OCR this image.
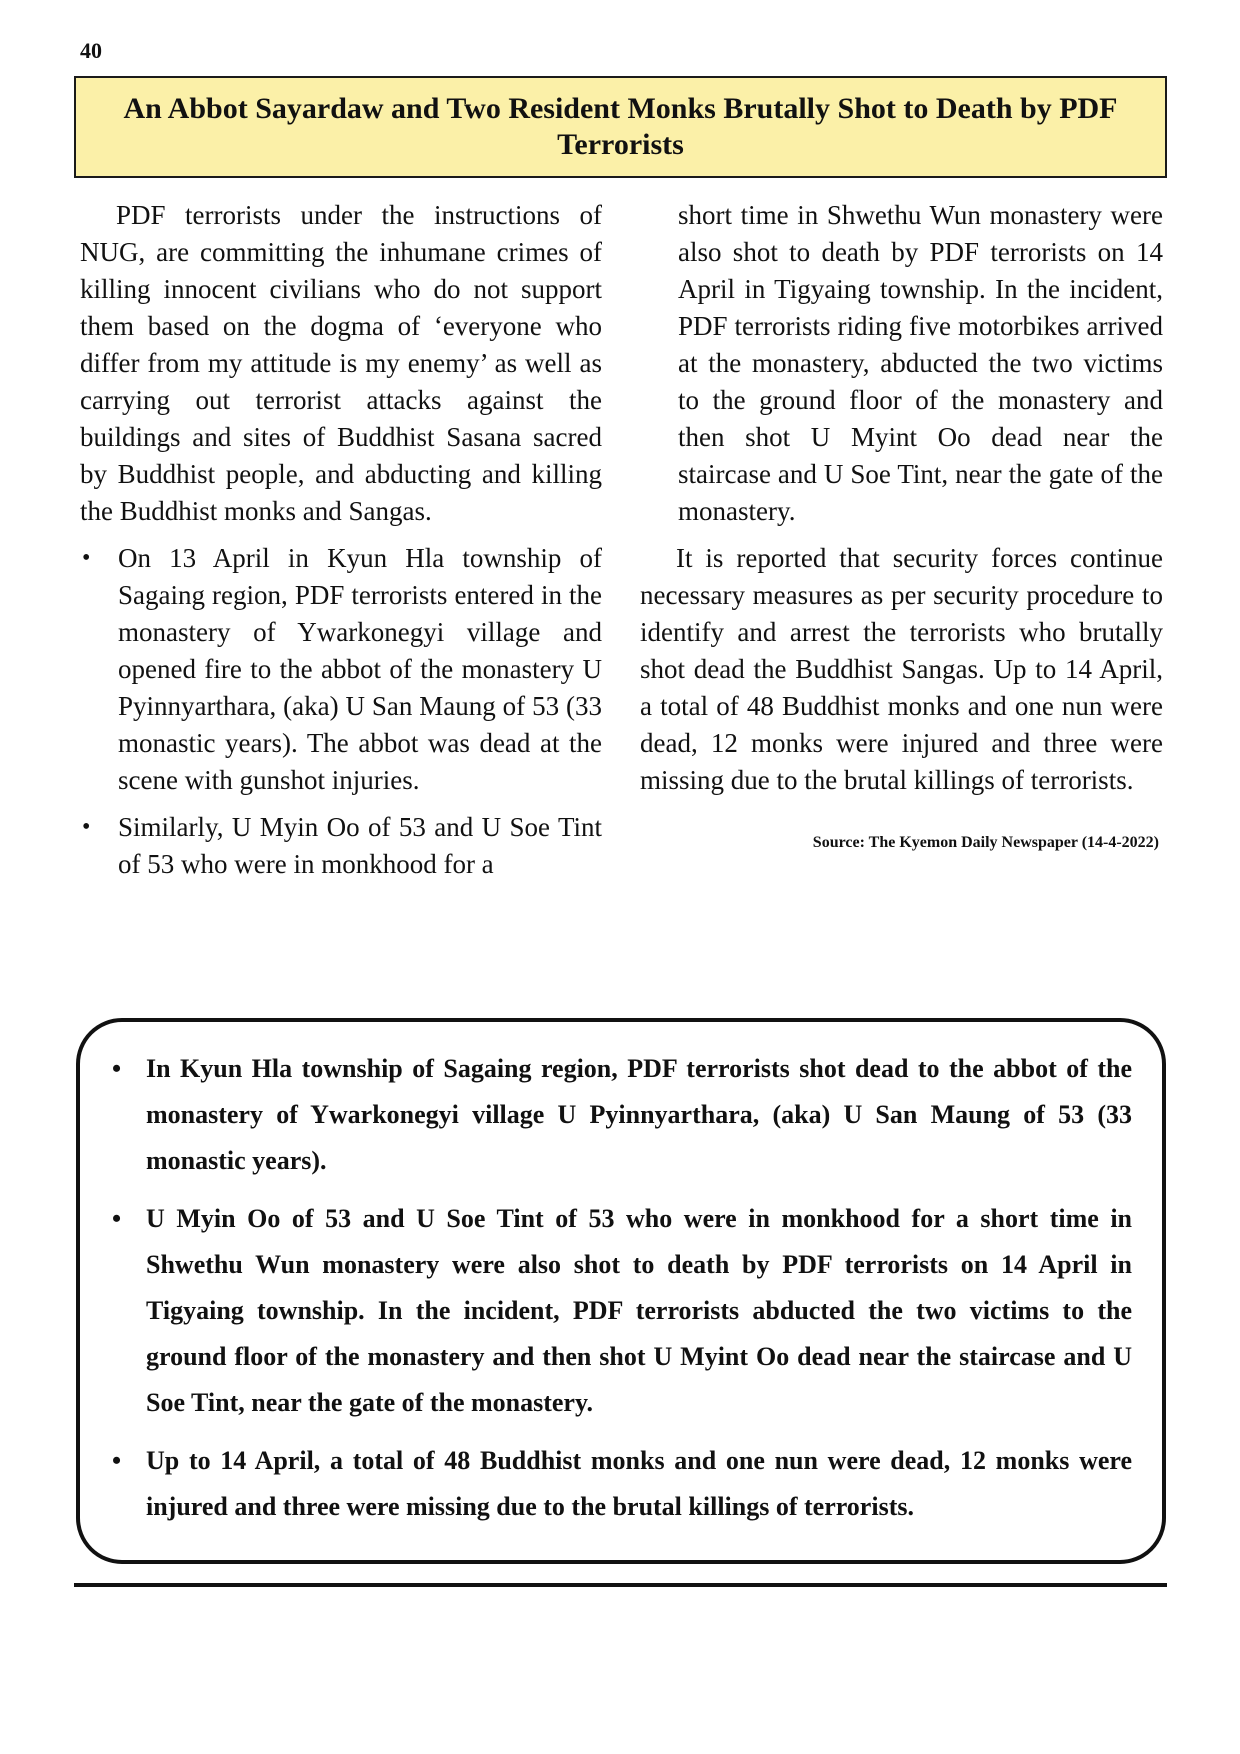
40
An Abbot Sayardaw and Two Resident Monks Brutally Shot to Death by PDF Terrorists

PDF terrorists under the instructions of NUG, are committing the inhumane crimes of killing innocent civilians who do not support them based on the dogma of ‘everyone who differ from my attitude is my enemy’ as well as carrying out terrorist attacks against the buildings and sites of Buddhist Sasana sacred by Buddhist people, and abducting and killing the Buddhist monks and Sangas.

• On 13 April in Kyun Hla township of Sagaing region, PDF terrorists entered in the monastery of Ywarkonegyi village and opened fire to the abbot of the monastery U Pyinnyarthara, (aka) U San Maung of 53 (33 monastic years). The abbot was dead at the scene with gunshot injuries.
• Similarly, U Myin Oo of 53 and U Soe Tint of 53 who were in monkhood for a

short time in Shwethu Wun monastery were also shot to death by PDF terrorists on 14 April in Tigyaing township. In the incident, PDF terrorists riding five motorbikes arrived at the monastery, abducted the two victims to the ground floor of the monastery and then shot U Myint Oo dead near the staircase and U Soe Tint, near the gate of the monastery.

It is reported that security forces continue necessary measures as per security procedure to identify and arrest the terrorists who brutally shot dead the Buddhist Sangas. Up to 14 April, a total of 48 Buddhist monks and one nun were dead, 12 monks were injured and three were missing due to the brutal killings of terrorists.

Source: The Kyemon Daily Newspaper (14-4-2022)
• In Kyun Hla township of Sagaing region, PDF terrorists shot dead to the abbot of the monastery of Ywarkonegyi village U Pyinnyarthara, (aka) U San Maung of 53 (33 monastic years).
• U Myin Oo of 53 and U Soe Tint of 53 who were in monkhood for a short time in Shwethu Wun monastery were also shot to death by PDF terrorists on 14 April in Tigyaing township. In the incident, PDF terrorists abducted the two victims to the ground floor of the monastery and then shot U Myint Oo dead near the staircase and U Soe Tint, near the gate of the monastery.
• Up to 14 April, a total of 48 Buddhist monks and one nun were dead, 12 monks were injured and three were missing due to the brutal killings of terrorists.
